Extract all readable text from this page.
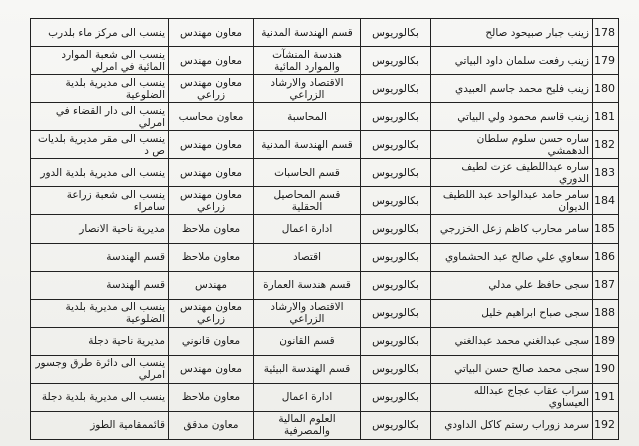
178	زينب جبار صبيحود صالح	بكالوريوس	قسم الهندسة المدنية	معاون مهندس	ينسب الى مركز ماء بلدرب
179	زينب رفعت سلمان داود البياتي	بكالوريوس	هندسة المنشآت والموارد المائية	معاون مهندس	ينسب الى شعبة الموارد المائية في امرلي
180	زينب فليح محمد جاسم العبيدي	بكالوريوس	الاقتصاد والارشاد الزراعي	معاون مهندس زراعي	ينسب الى مديرية بلدية الضلوعية
181	زينب قاسم محمود ولي البياتي	بكالوريوس	المحاسبة	معاون محاسب	ينسب الى دار القضاء في امرلي
182	ساره حسن سلوم سلطان الدهمشي	بكالوريوس	قسم الهندسة المدنية	معاون مهندس	ينسب الى مقر مديرية بلديات ص د
183	ساره عبداللطيف عزت لطيف الدوري	بكالوريوس	قسم الحاسبات	معاون مهندس	ينسب الى مديرية بلدية الدور
184	سامر حامد عبدالواحد عبد اللطيف الديوان	بكالوريوس	قسم المحاصيل الحقلية	معاون مهندس زراعي	ينسب الى شعبة زراعة سامراء
185	سامر محارب كاظم زعل الخزرجي	بكالوريوس	ادارة اعمال	معاون ملاحظ	مديرية ناحية الانصار
186	سعاوي علي صالح عبد الحشماوي	بكالوريوس	اقتصاد	معاون ملاحظ	قسم الهندسة
187	سجى حافظ علي مدلي	بكالوريوس	قسم هندسة العمارة	مهندس	قسم الهندسة
188	سجى صباح ابراهيم خليل	بكالوريوس	الاقتصاد والارشاد الزراعي	معاون مهندس زراعي	ينسب الى مديرية بلدية الضلوعية
189	سجى عبدالغني محمد عبدالغني	بكالوريوس	قسم القانون	معاون قانوني	مديرية ناحية دجلة
190	سجى محمد صالح حسن البياتي	بكالوريوس	قسم الهندسة البيئية	معاون مهندس	ينسب الى دائرة طرق وجسور امرلي
191	سراب عقاب عجاج عبدالله العيساوي	بكالوريوس	ادارة اعمال	معاون ملاحظ	ينسب الى مديرية بلدية دجلة
192	سرمد زوراب رستم كاكل الداودي	بكالوريوس	العلوم المالية والمصرفية	معاون مدقق	قائممقامية الطوز
